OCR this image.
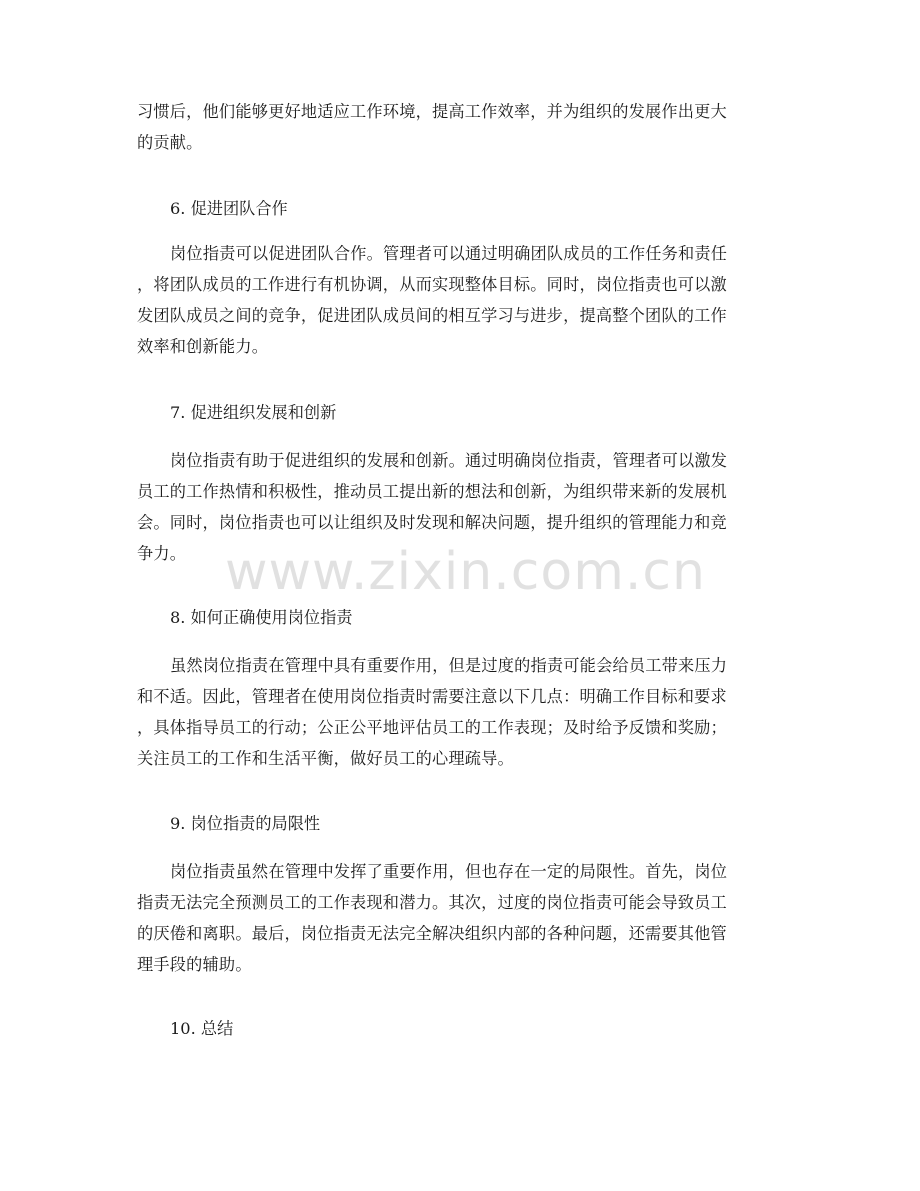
习惯后，他们能够更好地适应工作环境，提高工作效率，并为组织的发展作出更大
的贡献。

6. 促进团队合作

岗位指责可以促进团队合作。管理者可以通过明确团队成员的工作任务和责任
，将团队成员的工作进行有机协调，从而实现整体目标。同时，岗位指责也可以激
发团队成员之间的竞争，促进团队成员间的相互学习与进步，提高整个团队的工作
效率和创新能力。

7. 促进组织发展和创新

岗位指责有助于促进组织的发展和创新。通过明确岗位指责，管理者可以激发
员工的工作热情和积极性，推动员工提出新的想法和创新，为组织带来新的发展机
会。同时，岗位指责也可以让组织及时发现和解决问题，提升组织的管理能力和竞
争力。

8. 如何正确使用岗位指责

虽然岗位指责在管理中具有重要作用，但是过度的指责可能会给员工带来压力
和不适。因此，管理者在使用岗位指责时需要注意以下几点：明确工作目标和要求
，具体指导员工的行动；公正公平地评估员工的工作表现；及时给予反馈和奖励；
关注员工的工作和生活平衡，做好员工的心理疏导。

9. 岗位指责的局限性

岗位指责虽然在管理中发挥了重要作用，但也存在一定的局限性。首先，岗位
指责无法完全预测员工的工作表现和潜力。其次，过度的岗位指责可能会导致员工
的厌倦和离职。最后，岗位指责无法完全解决组织内部的各种问题，还需要其他管
理手段的辅助。

10. 总结
www.zixin.com.cn
